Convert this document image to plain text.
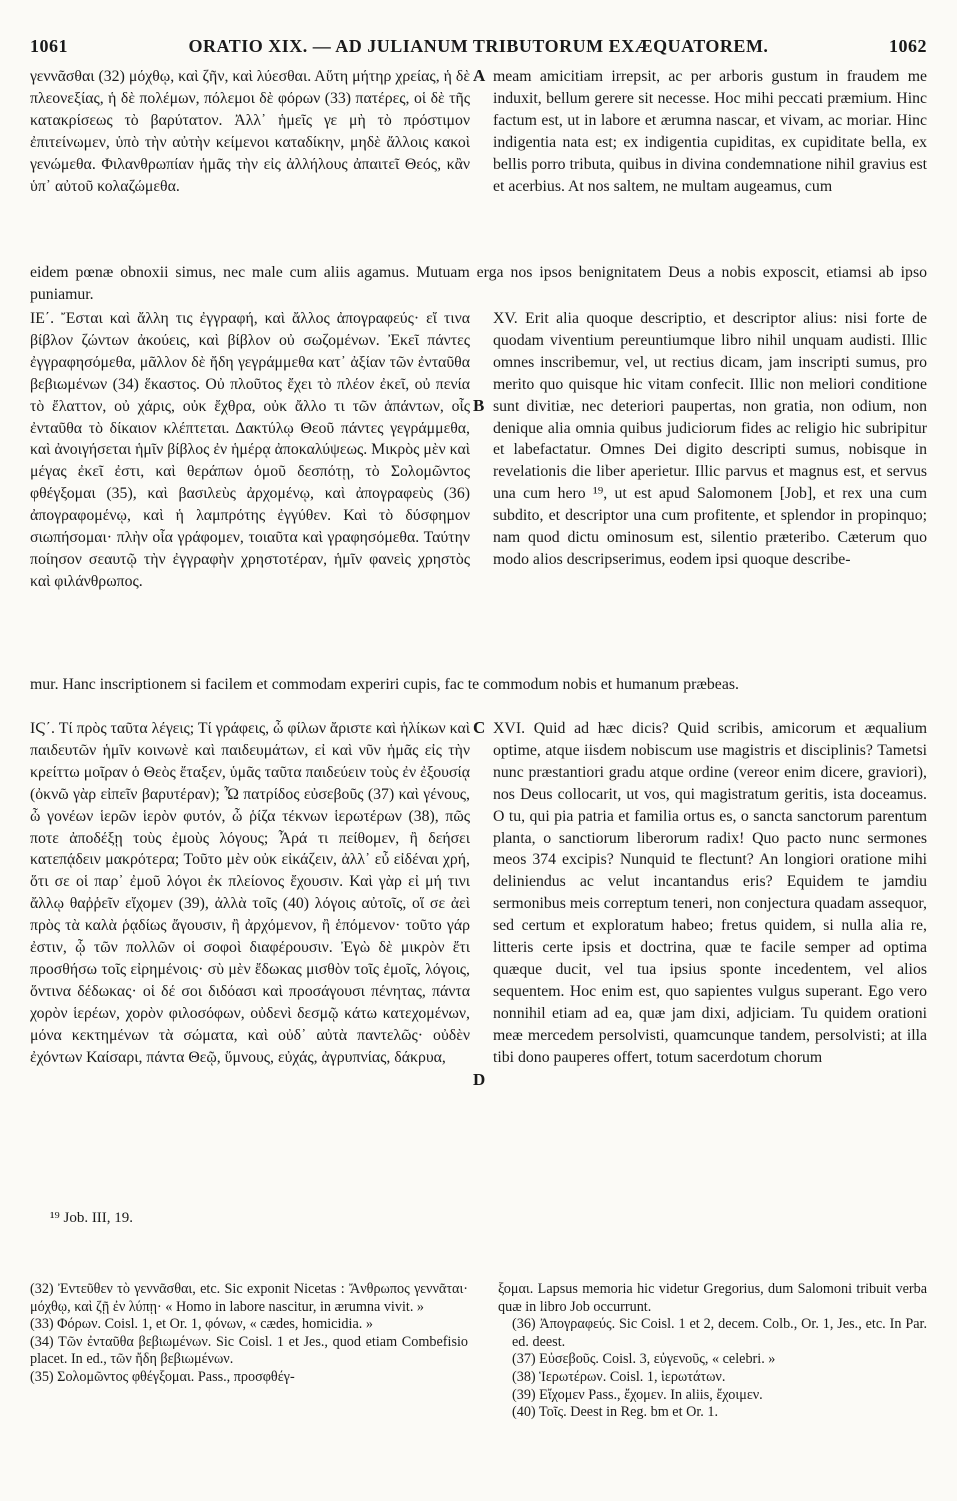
1061	ORATIO XIX. — AD JULIANUM TRIBUTORUM EXÆQUATOREM.	1062
γεννᾶσθαι (32) μόχθῳ, καὶ ζῆν, καὶ λύεσθαι. Αὕτη μήτηρ χρείας, ἡ δὲ πλεονεξίας, ἡ δὲ πολέμων, πόλεμοι δὲ φόρων (33) πατέρες, οἱ δὲ τῆς κατακρίσεως τὸ βαρύτατον. Ἀλλ᾽ ἡμεῖς γε μὴ τὸ πρόστιμον ἐπιτείνωμεν, ὑπὸ τὴν αὐτὴν κείμενοι καταδίκην, μηδὲ ἄλλοις κακοὶ γενώμεθα. Φιλανθρωπίαν ἡμᾶς τὴν εἰς ἀλλήλους ἀπαιτεῖ Θεός, κἂν ὑπ᾽ αὐτοῦ κολαζώμεθα.
A meam amicitiam irrepsit, ac per arboris gustum in fraudem me induxit, bellum gerere sit necesse. Hoc mihi peccati præmium. Hinc factum est, ut in labore et ærumna nascar, et vivam, ac moriar. Hinc indigentia nata est; ex indigentia cupiditas, ex cupiditate bella, ex bellis porro tributa, quibus in divina condemnatione nihil gravius est et acerbius. At nos saltem, ne multam augeamus, cum
eidem pœnæ obnoxii simus, nec male cum aliis agamus. Mutuam erga nos ipsos benignitatem Deus a nobis exposcit, etiamsi ab ipso puniamur.
ΙΕ΄. Ἔσται καὶ ἄλλη τις ἐγγραφή, καὶ ἄλλος ἀπογραφεύς· εἴ τινα βίβλον ζώντων ἀκούεις, καὶ βίβλον οὐ σωζομένων. Ἐκεῖ πάντες ἐγγραφησόμεθα, μᾶλλον δὲ ἤδη γεγράμμεθα κατ᾽ ἀξίαν τῶν ἐνταῦθα βεβιωμένων (34) ἕκαστος. Οὐ πλοῦτος ἔχει τὸ πλέον ἐκεῖ, οὐ πενία τὸ ἔλαττον, οὐ χάρις, οὐκ ἔχθρα, οὐκ ἄλλο τι τῶν ἁπάντων, οἷς ἐνταῦθα τὸ δίκαιον κλέπτεται. Δακτύλῳ Θεοῦ πάντες γεγράμμεθα, καὶ ἀνοιγήσεται ἡμῖν βίβλος ἐν ἡμέρᾳ ἀποκαλύψεως. Μικρὸς μὲν καὶ μέγας ἐκεῖ ἐστι, καὶ θεράπων ὁμοῦ δεσπότῃ, τὸ Σολομῶντος φθέγξομαι (35), καὶ βασιλεὺς ἀρχομένῳ, καὶ ἀπογραφεὺς (36) ἀπογραφομένῳ, καὶ ἡ λαμπρότης ἐγγύθεν. Καὶ τὸ δύσφημον σιωπήσομαι· πλὴν οἷα γράφομεν, τοιαῦτα καὶ γραφησόμεθα. Ταύτην ποίησον σεαυτῷ τὴν ἐγγραφὴν χρηστοτέραν, ἡμῖν φανεὶς χρηστὸς καὶ φιλάνθρωπος.
B
XV. Erit alia quoque descriptio, et descriptor alius: nisi forte de quodam viventium pereuntiumque libro nihil unquam audisti. Illic omnes inscribemur, vel, ut rectius dicam, jam inscripti sumus, pro merito quo quisque hic vitam confecit. Illic non meliori conditione sunt divitiæ, nec deteriori paupertas, non gratia, non odium, non denique alia omnia quibus judiciorum fides ac religio hic subripitur et labefactatur. Omnes Dei digito descripti sumus, nobisque in revelationis die liber aperietur. Illic parvus et magnus est, et servus una cum hero ¹⁹, ut est apud Salomonem [Job], et rex una cum subdito, et descriptor una cum profitente, et splendor in propinquo; nam quod dictu ominosum est, silentio præteribo. Cæterum quo modo alios descripserimus, eodem ipsi quoque describe-
mur. Hanc inscriptionem si facilem et commodam experiri cupis, fac te commodum nobis et humanum præbeas.
ΙϚ΄. Τί πρὸς ταῦτα λέγεις; Τί γράφεις, ὦ φίλων ἄριστε καὶ ἡλίκων καὶ παιδευτῶν ἡμῖν κοινωνὲ καὶ παιδευμάτων, εἰ καὶ νῦν ἡμᾶς εἰς τὴν κρείττω μοῖραν ὁ Θεὸς ἔταξεν, ὑμᾶς ταῦτα παιδεύειν τοὺς ἐν ἐξουσίᾳ (ὀκνῶ γὰρ εἰπεῖν βαρυτέραν); Ὦ πατρίδος εὐσεβοῦς (37) καὶ γένους, ὦ γονέων ἱερῶν ἱερὸν φυτόν, ὦ ῥίζα τέκνων ἱερωτέρων (38), πῶς ποτε ἀποδέξῃ τοὺς ἐμοὺς λόγους; Ἆρά τι πείθομεν, ἢ δεήσει κατεπᾴδειν μακρότερα; Τοῦτο μὲν οὐκ εἰκάζειν, ἀλλ᾽ εὖ εἰδέναι χρή, ὅτι σε οἱ παρ᾽ ἐμοῦ λόγοι ἐκ πλείονος ἔχουσιν. Καὶ γὰρ εἰ μή τινι ἄλλῳ θαῤῥεῖν εἴχομεν (39), ἀλλὰ τοῖς (40) λόγοις αὐτοῖς, οἵ σε ἀεὶ πρὸς τὰ καλὰ ῥᾳδίως ἄγουσιν, ἢ ἀρχόμενον, ἢ ἑπόμενον· τοῦτο γάρ ἐστιν, ᾧ τῶν πολλῶν οἱ σοφοὶ διαφέρουσιν. Ἐγὼ δὲ μικρὸν ἔτι προσθήσω τοῖς εἰρημένοις· σὺ μὲν ἔδωκας μισθὸν τοῖς ἐμοῖς, λόγοις, ὅντινα δέδωκας· οἱ δέ σοι διδόασι καὶ προσάγουσι πένητας, πάντα χορὸν ἱερέων, χορὸν φιλοσόφων, οὐδενὶ δεσμῷ κάτω κατεχομένων, μόνα κεκτημένων τὰ σώματα, καὶ οὐδ᾽ αὐτὰ παντελῶς· οὐδὲν ἐχόντων Καίσαρι, πάντα Θεῷ, ὕμνους, εὐχάς, ἀγρυπνίας, δάκρυα,
C
D
XVI. Quid ad hæc dicis? Quid scribis, amicorum et æqualium optime, atque iisdem nobiscum use magistris et disciplinis? Tametsi nunc præstantiori gradu atque ordine (vereor enim dicere, graviori), nos Deus collocarit, ut vos, qui magistratum geritis, ista doceamus. O tu, qui pia patria et familia ortus es, o sancta sanctorum parentum planta, o sanctiorum liberorum radix! Quo pacto nunc sermones meos 374 excipis? Nunquid te flectunt? An longiori oratione mihi deliniendus ac velut incantandus eris? Equidem te jamdiu sermonibus meis correptum teneri, non conjectura quadam assequor, sed certum et exploratum habeo; fretus quidem, si nulla alia re, litteris certe ipsis et doctrina, quæ te facile semper ad optima quæque ducit, vel tua ipsius sponte incedentem, vel alios sequentem. Hoc enim est, quo sapientes vulgus superant. Ego vero nonnihil etiam ad ea, quæ jam dixi, adjiciam. Tu quidem orationi meæ mercedem persolvisti, quamcunque tandem, persolvisti; at illa tibi dono pauperes offert, totum sacerdotum chorum
¹⁹ Job. III, 19.

(32) Ἐντεῦθεν τὸ γεννᾶσθαι, etc. Sic exponit Nicetas : Ἄνθρωπος γεννᾶται· μόχθῳ, καὶ ζῇ ἐν λύπῃ· « Homo in labore nascitur, in ærumna vivit. »

(33) Φόρων. Coisl. 1, et Or. 1, φόνων, « cædes, homicidia. »

(34) Τῶν ἐνταῦθα βεβιωμένων. Sic Coisl. 1 et Jes., quod etiam Combefisio placet. In ed., τῶν ἤδη βεβιωμένων.

(35) Σολομῶντος φθέγξομαι. Pass., προσφθέγ-

ξομαι. Lapsus memoria hic videtur Gregorius, dum Salomoni tribuit verba quæ in libro Job occurrunt.

(36) Ἀπογραφεύς. Sic Coisl. 1 et 2, decem. Colb., Or. 1, Jes., etc. In Par. ed. deest.

(37) Εὐσεβοῦς. Coisl. 3, εὐγενοῦς, « celebri. »

(38) Ἱερωτέρων. Coisl. 1, ἱερωτάτων.

(39) Εἴχομεν Pass., ἔχομεν. In aliis, ἔχοιμεν.

(40) Τοῖς. Deest in Reg. bm et Or. 1.
